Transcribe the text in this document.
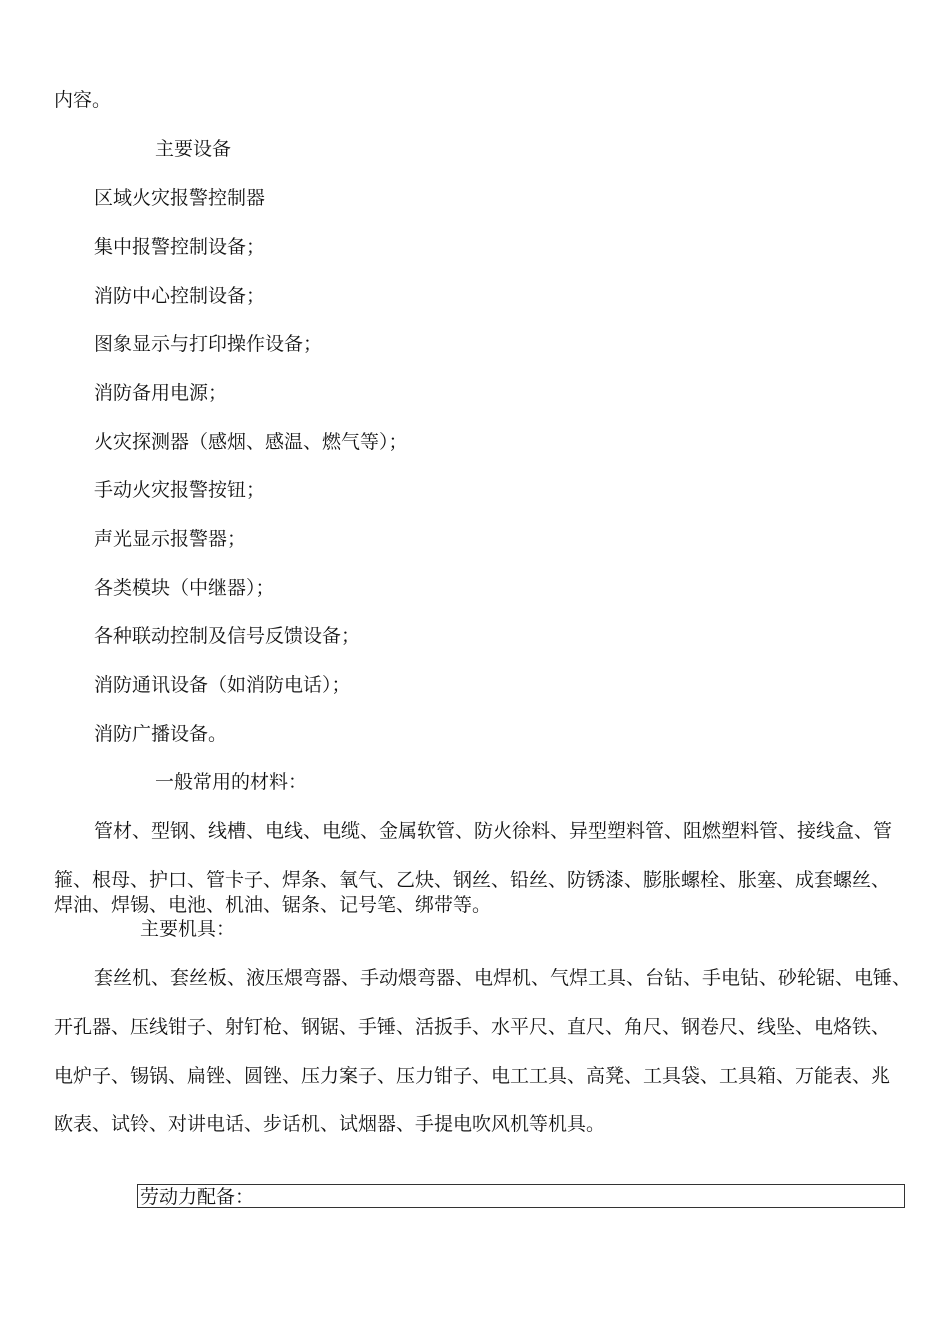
内容。
主要设备
区域火灾报警控制器
集中报警控制设备；
消防中心控制设备；
图象显示与打印操作设备；
消防备用电源；
火灾探测器（感烟、感温、燃气等）；
手动火灾报警按钮；
声光显示报警器；
各类模块（中继器）；
各种联动控制及信号反馈设备；
消防通讯设备（如消防电话）；
消防广播设备。
一般常用的材料：
管材、型钢、线槽、电线、电缆、金属软管、防火徐料、异型塑料管、阻燃塑料管、接线盒、管
箍、根母、护口、管卡子、焊条、氧气、乙炔、钢丝、铅丝、防锈漆、膨胀螺栓、胀塞、成套螺丝、
焊油、焊锡、电池、机油、锯条、记号笔、绑带等。
主要机具：
套丝机、套丝板、液压煨弯器、手动煨弯器、电焊机、气焊工具、台钻、手电钻、砂轮锯、电锤、
开孔器、压线钳子、射钉枪、钢锯、手锤、活扳手、水平尺、直尺、角尺、钢卷尺、线坠、电烙铁、
电炉子、锡锅、扁锉、圆锉、压力案子、压力钳子、电工工具、高凳、工具袋、工具箱、万能表、兆
欧表、试铃、对讲电话、步话机、试烟器、手提电吹风机等机具。
劳动力配备：
